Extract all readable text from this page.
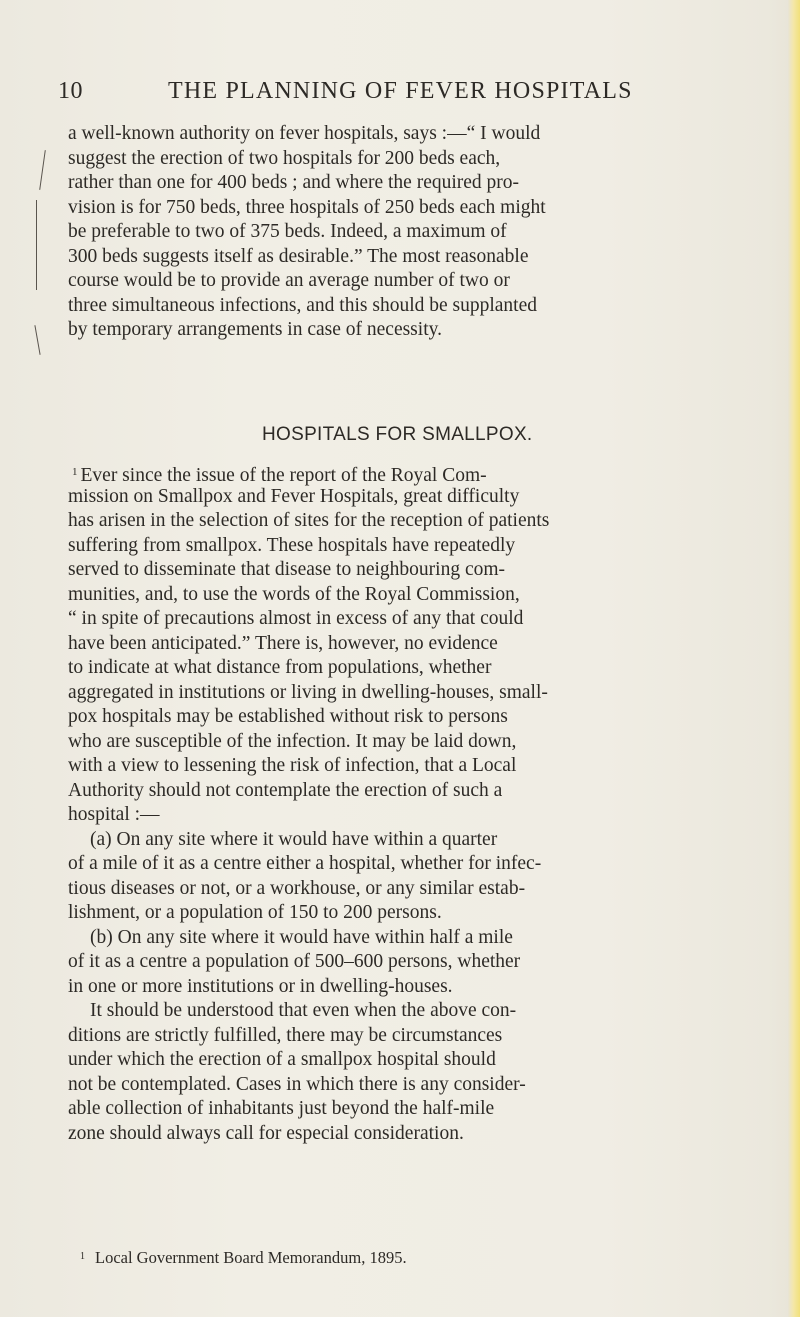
10	THE PLANNING OF FEVER HOSPITALS
a well-known authority on fever hospitals, says :—“ I would
suggest the erection of two hospitals for 200 beds each,
rather than one for 400 beds ; and where the required pro-
vision is for 750 beds, three hospitals of 250 beds each might
be preferable to two of 375 beds. Indeed, a maximum of
300 beds suggests itself as desirable.” The most reasonable
course would be to provide an average number of two or
three simultaneous infections, and this should be supplanted
by temporary arrangements in case of necessity.
HOSPITALS FOR SMALLPOX.
$^1$ Ever since the issue of the report of the Royal Com-
mission on Smallpox and Fever Hospitals, great difficulty
has arisen in the selection of sites for the reception of patients
suffering from smallpox. These hospitals have repeatedly
served to disseminate that disease to neighbouring com-
munities, and, to use the words of the Royal Commission,
“ in spite of precautions almost in excess of any that could
have been anticipated.” There is, however, no evidence
to indicate at what distance from populations, whether
aggregated in institutions or living in dwelling-houses, small-
pox hospitals may be established without risk to persons
who are susceptible of the infection. It may be laid down,
with a view to lessening the risk of infection, that a Local
Authority should not contemplate the erection of such a
hospital :—
(a) On any site where it would have within a quarter
of a mile of it as a centre either a hospital, whether for infec-
tious diseases or not, or a workhouse, or any similar estab-
lishment, or a population of 150 to 200 persons.
(b) On any site where it would have within half a mile
of it as a centre a population of 500–600 persons, whether
in one or more institutions or in dwelling-houses.
It should be understood that even when the above con-
ditions are strictly fulfilled, there may be circumstances
under which the erection of a smallpox hospital should
not be contemplated. Cases in which there is any consider-
able collection of inhabitants just beyond the half-mile
zone should always call for especial consideration.
$^1$ Local Government Board Memorandum, 1895.
